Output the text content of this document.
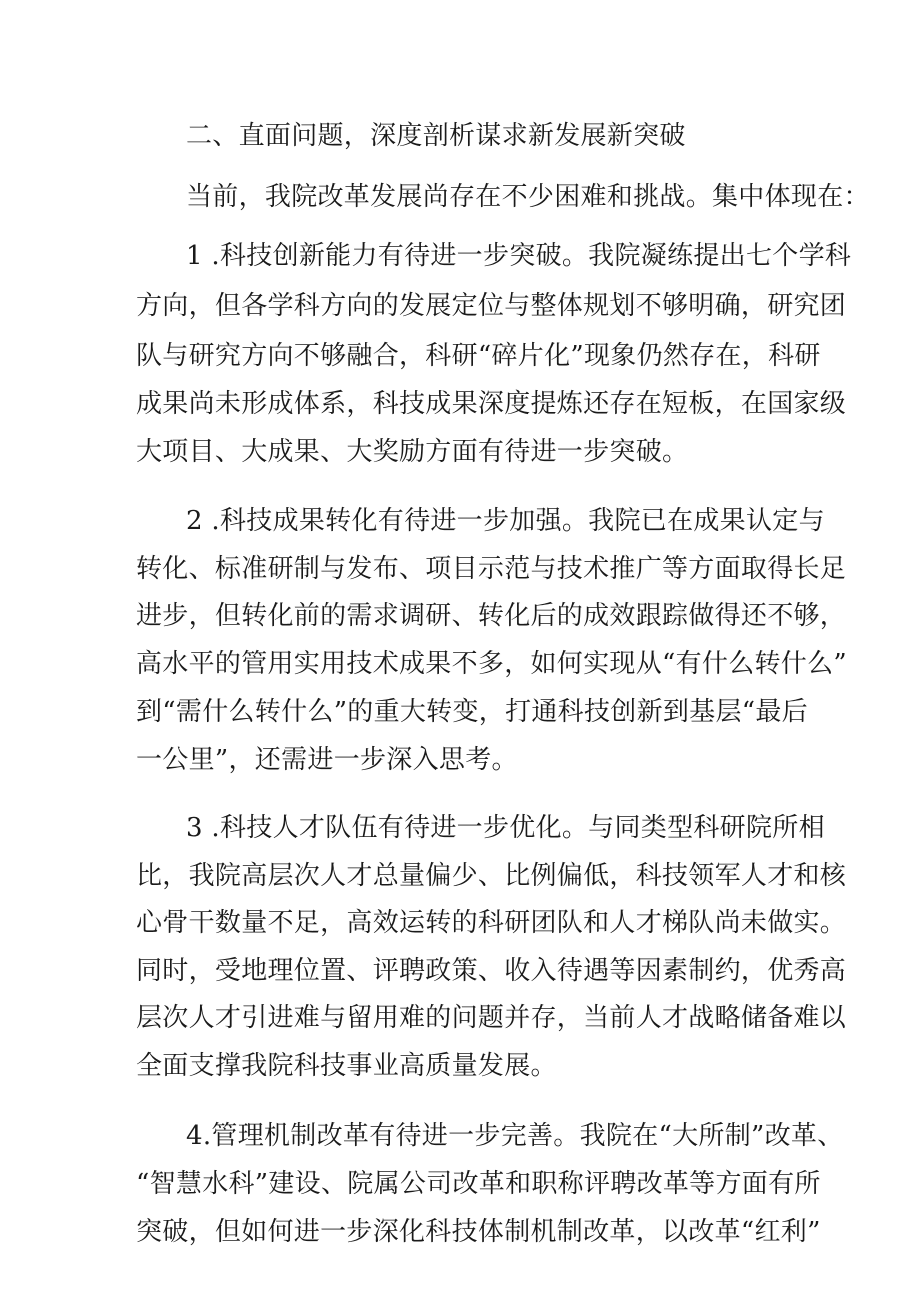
二、直面问题，深度剖析谋求新发展新突破
当前，我院改革发展尚存在不少困难和挑战。集中体现在：
1 .科技创新能力有待进一步突破。我院凝练提出七个学科
方向，但各学科方向的发展定位与整体规划不够明确，研究团
队与研究方向不够融合，科研“碎片化”现象仍然存在，科研
成果尚未形成体系，科技成果深度提炼还存在短板，在国家级
大项目、大成果、大奖励方面有待进一步突破。
2 .科技成果转化有待进一步加强。我院已在成果认定与
转化、标准研制与发布、项目示范与技术推广等方面取得长足
进步，但转化前的需求调研、转化后的成效跟踪做得还不够，
高水平的管用实用技术成果不多，如何实现从“有什么转什么”
到“需什么转什么”的重大转变，打通科技创新到基层“最后
一公里”，还需进一步深入思考。
3 .科技人才队伍有待进一步优化。与同类型科研院所相
比，我院高层次人才总量偏少、比例偏低，科技领军人才和核
心骨干数量不足，高效运转的科研团队和人才梯队尚未做实。
同时，受地理位置、评聘政策、收入待遇等因素制约，优秀高
层次人才引进难与留用难的问题并存，当前人才战略储备难以
全面支撑我院科技事业高质量发展。
4.管理机制改革有待进一步完善。我院在“大所制”改革、
“智慧水科”建设、院属公司改革和职称评聘改革等方面有所
突破，但如何进一步深化科技体制机制改革，以改革“红利”
